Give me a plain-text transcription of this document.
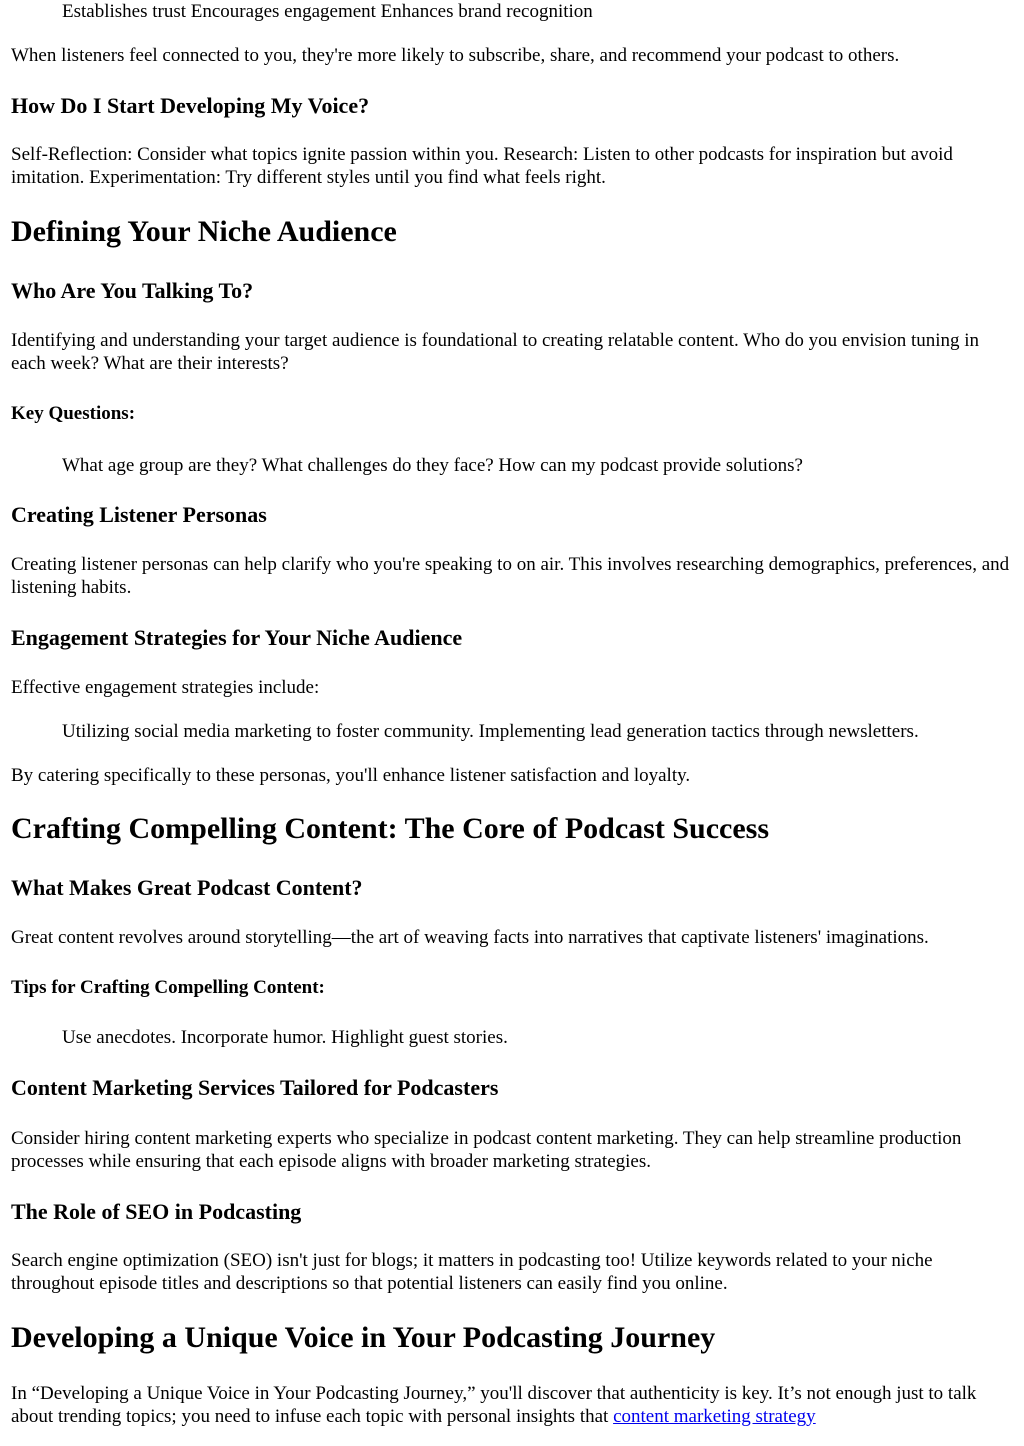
Establishes trust Encourages engagement Enhances brand recognition

When listeners feel connected to you, they're more likely to subscribe, share, and recommend your podcast to others.

How Do I Start Developing My Voice?

Self-Reflection: Consider what topics ignite passion within you. Research: Listen to other podcasts for inspiration but avoid imitation. Experimentation: Try different styles until you find what feels right.

Defining Your Niche Audience
Who Are You Talking To?

Identifying and understanding your target audience is foundational to creating relatable content. Who do you envision tuning in each week? What are their interests?

Key Questions:

What age group are they? What challenges do they face? How can my podcast provide solutions?

Creating Listener Personas

Creating listener personas can help clarify who you're speaking to on air. This involves researching demographics, preferences, and listening habits.

Engagement Strategies for Your Niche Audience

Effective engagement strategies include:

Utilizing social media marketing to foster community. Implementing lead generation tactics through newsletters.

By catering specifically to these personas, you'll enhance listener satisfaction and loyalty.

Crafting Compelling Content: The Core of Podcast Success
What Makes Great Podcast Content?

Great content revolves around storytelling—the art of weaving facts into narratives that captivate listeners' imaginations.

Tips for Crafting Compelling Content:

Use anecdotes. Incorporate humor. Highlight guest stories.

Content Marketing Services Tailored for Podcasters

Consider hiring content marketing experts who specialize in podcast content marketing. They can help streamline production processes while ensuring that each episode aligns with broader marketing strategies.

The Role of SEO in Podcasting

Search engine optimization (SEO) isn't just for blogs; it matters in podcasting too! Utilize keywords related to your niche throughout episode titles and descriptions so that potential listeners can easily find you online.

Developing a Unique Voice in Your Podcasting Journey

In “Developing a Unique Voice in Your Podcasting Journey,” you'll discover that authenticity is key. It’s not enough just to talk about trending topics; you need to infuse each topic with personal insights that content marketing strategy
